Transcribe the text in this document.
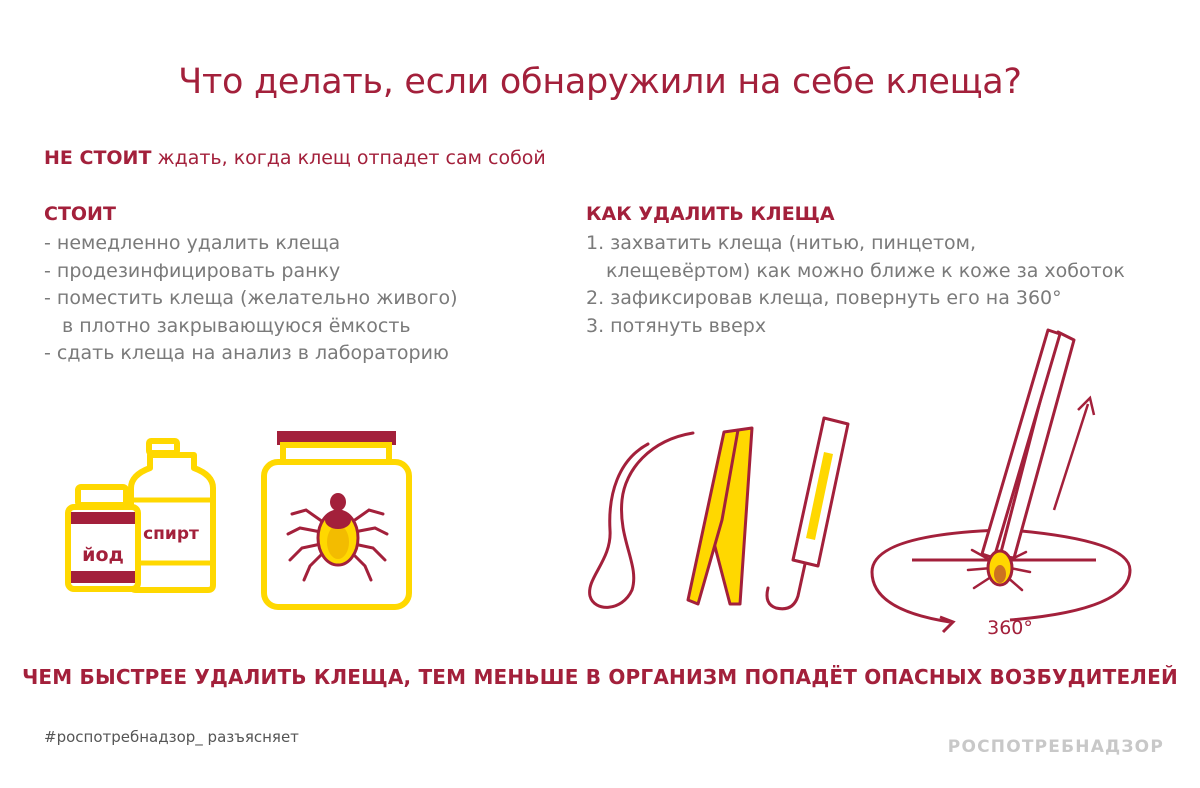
Что делать, если обнаружили на себе клеща?
НЕ СТОИТ ждать, когда клещ отпадет сам собой
СТОИТ
- немедленно удалить клеща
- продезинфицировать ранку
- поместить клеща (желательно живого)
в плотно закрывающуюся ёмкость
- сдать клеща на анализ в лабораторию
КАК УДАЛИТЬ КЛЕЩА
1. захватить клеща (нитью, пинцетом,
клещевёртом) как можно ближе к коже за хоботок
2. зафиксировав клеща, повернуть его на 360°
3. потянуть вверх
спирт
йод
360°
ЧЕМ БЫСТРЕЕ УДАЛИТЬ КЛЕЩА, ТЕМ МЕНЬШЕ В ОРГАНИЗМ ПОПАДЁТ ОПАСНЫХ ВОЗБУДИТЕЛЕЙ
#роспотребнадзор_ разъясняет	РОСПОТРЕБНАДЗОР
